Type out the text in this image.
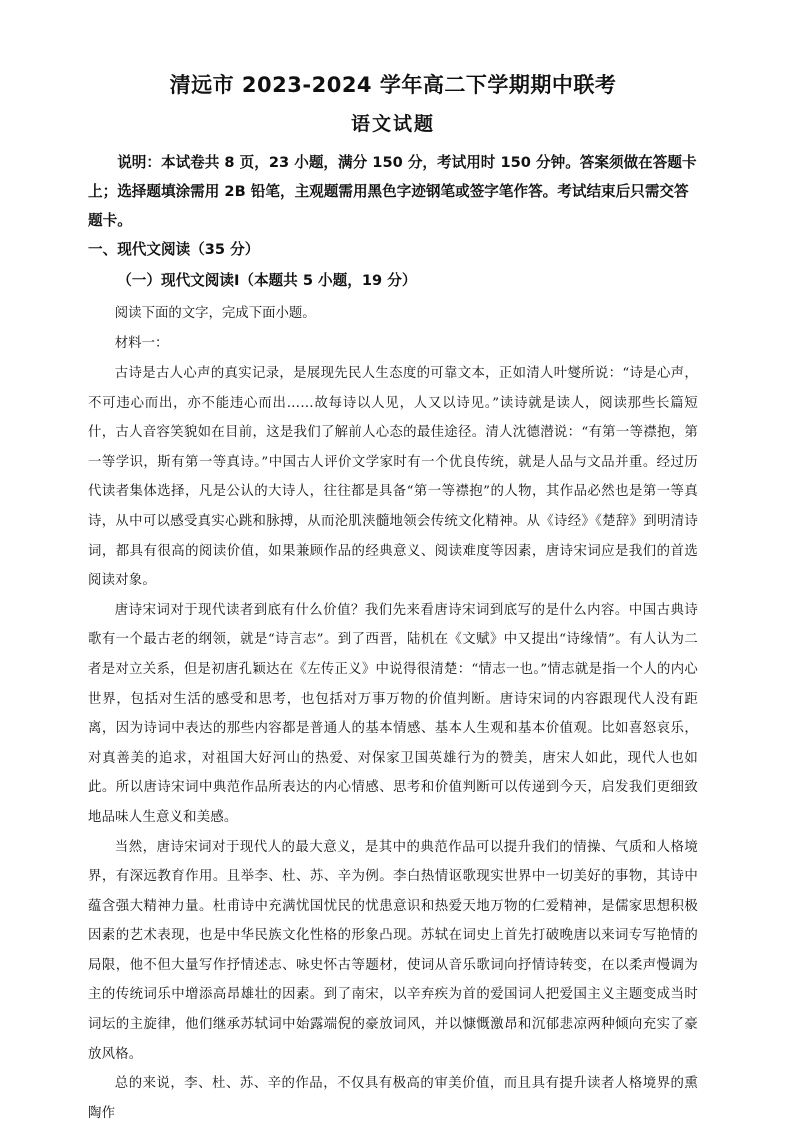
清远市 2023-2024 学年高二下学期期中联考
语文试题

说明：本试卷共 8 页，23 小题，满分 150 分，考试用时 150 分钟。答案须做在答题卡上；选择题填涂需用 2B 铅笔，主观题需用黑色字迹钢笔或签字笔作答。考试结束后只需交答题卡。

一、现代文阅读（35 分）

（一）现代文阅读Ⅰ（本题共 5 小题，19 分）

阅读下面的文字，完成下面小题。

材料一：

古诗是古人心声的真实记录，是展现先民人生态度的可靠文本，正如清人叶燮所说：“诗是心声，不可违心而出，亦不能违心而出……故每诗以人见，人又以诗见。”读诗就是读人，阅读那些长篇短什，古人音容笑貌如在目前，这是我们了解前人心态的最佳途径。清人沈德潜说：“有第一等襟抱，第一等学识，斯有第一等真诗。”中国古人评价文学家时有一个优良传统，就是人品与文品并重。经过历代读者集体选择，凡是公认的大诗人，往往都是具备“第一等襟抱”的人物，其作品必然也是第一等真诗，从中可以感受真实心跳和脉搏，从而沦肌浃髓地领会传统文化精神。从《诗经》《楚辞》到明清诗词，都具有很高的阅读价值，如果兼顾作品的经典意义、阅读难度等因素，唐诗宋词应是我们的首选阅读对象。

唐诗宋词对于现代读者到底有什么价值？我们先来看唐诗宋词到底写的是什么内容。中国古典诗歌有一个最古老的纲领，就是“诗言志”。到了西晋，陆机在《文赋》中又提出“诗缘情”。有人认为二者是对立关系，但是初唐孔颖达在《左传正义》中说得很清楚：“情志一也。”情志就是指一个人的内心世界，包括对生活的感受和思考，也包括对万事万物的价值判断。唐诗宋词的内容跟现代人没有距离，因为诗词中表达的那些内容都是普通人的基本情感、基本人生观和基本价值观。比如喜怒哀乐，对真善美的追求，对祖国大好河山的热爱、对保家卫国英雄行为的赞美，唐宋人如此，现代人也如此。所以唐诗宋词中典范作品所表达的内心情感、思考和价值判断可以传递到今天，启发我们更细致地品味人生意义和美感。

当然，唐诗宋词对于现代人的最大意义，是其中的典范作品可以提升我们的情操、气质和人格境界，有深远教育作用。且举李、杜、苏、辛为例。李白热情讴歌现实世界中一切美好的事物，其诗中蕴含强大精神力量。杜甫诗中充满忧国忧民的忧患意识和热爱天地万物的仁爱精神，是儒家思想积极因素的艺术表现，也是中华民族文化性格的形象凸现。苏轼在词史上首先打破晚唐以来词专写艳情的局限，他不但大量写作抒情述志、咏史怀古等题材，使词从音乐歌词向抒情诗转变，在以柔声慢调为主的传统词乐中增添高昂雄壮的因素。到了南宋，以辛弃疾为首的爱国词人把爱国主义主题变成当时词坛的主旋律，他们继承苏轼词中始露端倪的豪放词风，并以慷慨激昂和沉郁悲凉两种倾向充实了豪放风格。

总的来说，李、杜、苏、辛的作品，不仅具有极高的审美价值，而且具有提升读者人格境界的熏陶作
